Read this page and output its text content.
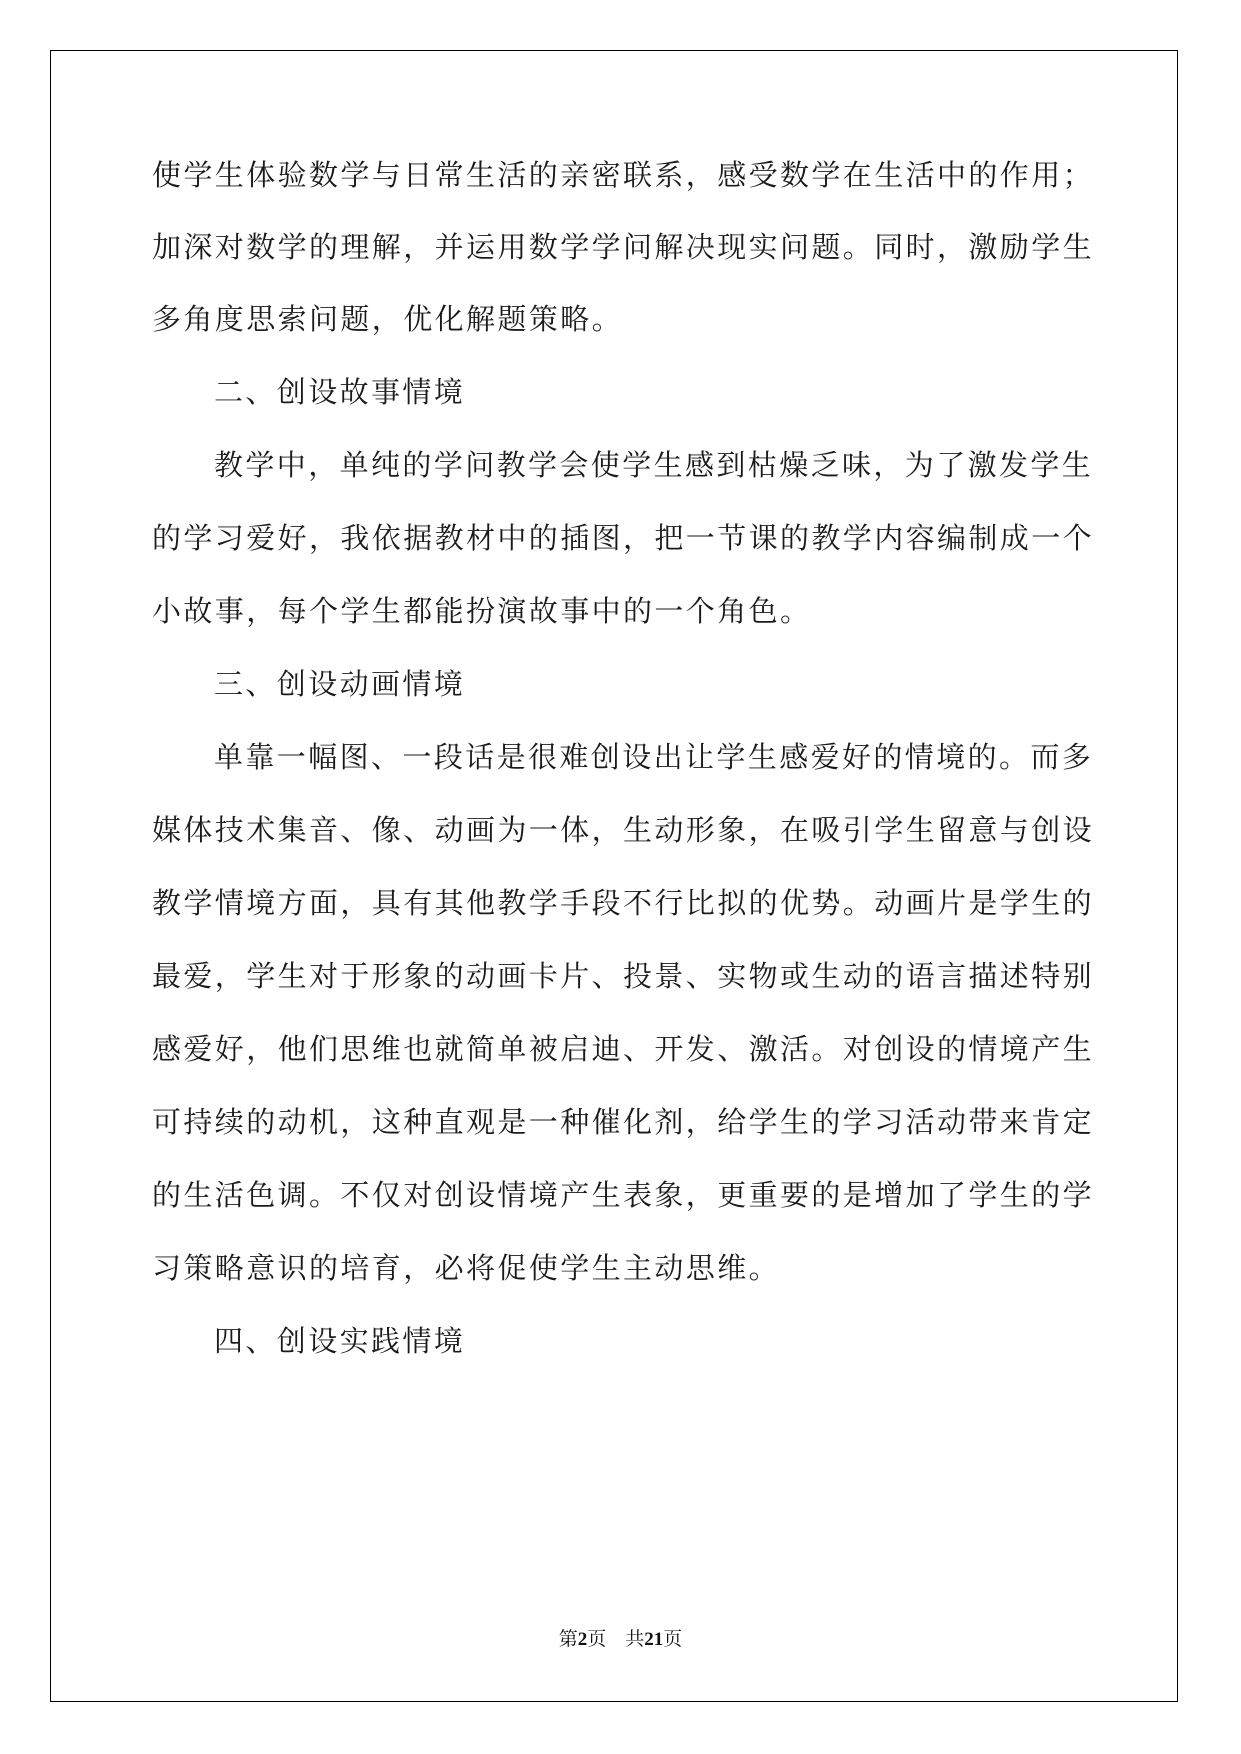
使学生体验数学与日常生活的亲密联系，感受数学在生活中的作用；
加深对数学的理解，并运用数学学问解决现实问题。同时，激励学生
多角度思索问题，优化解题策略。
二、创设故事情境
教学中，单纯的学问教学会使学生感到枯燥乏味，为了激发学生
的学习爱好，我依据教材中的插图，把一节课的教学内容编制成一个
小故事，每个学生都能扮演故事中的一个角色。
三、创设动画情境
单靠一幅图、一段话是很难创设出让学生感爱好的情境的。而多
媒体技术集音、像、动画为一体，生动形象，在吸引学生留意与创设
教学情境方面，具有其他教学手段不行比拟的优势。动画片是学生的
最爱，学生对于形象的动画卡片、投景、实物或生动的语言描述特别
感爱好，他们思维也就简单被启迪、开发、激活。对创设的情境产生
可持续的动机，这种直观是一种催化剂，给学生的学习活动带来肯定
的生活色调。不仅对创设情境产生表象，更重要的是增加了学生的学
习策略意识的培育，必将促使学生主动思维。
四、创设实践情境
第2页　共21页
